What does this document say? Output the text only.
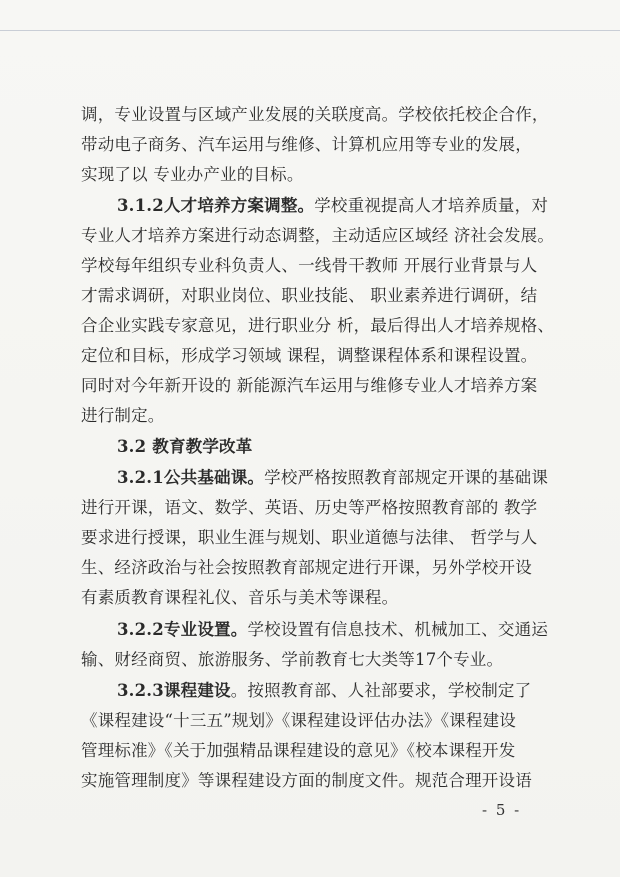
调，专业设置与区域产业发展的关联度高。学校依托校企合作，
带动电子商务、汽车运用与维修、计算机应用等专业的发展，
实现了以 专业办产业的目标。
3.1.2人才培养方案调整。学校重视提高人才培养质量，对
专业人才培养方案进行动态调整，主动适应区域经 济社会发展。
学校每年组织专业科负责人、一线骨干教师 开展行业背景与人
才需求调研，对职业岗位、职业技能、 职业素养进行调研，结
合企业实践专家意见，进行职业分 析，最后得出人才培养规格、
定位和目标，形成学习领域 课程，调整课程体系和课程设置。
同时对今年新开设的 新能源汽车运用与维修专业人才培养方案
进行制定。
3.2 教育教学改革
3.2.1公共基础课。学校严格按照教育部规定开课的基础课
进行开课，语文、数学、英语、历史等严格按照教育部的 教学
要求进行授课，职业生涯与规划、职业道德与法律、 哲学与人
生、经济政治与社会按照教育部规定进行开课，另外学校开设
有素质教育课程礼仪、音乐与美术等课程。
3.2.2专业设置。学校设置有信息技术、机械加工、交通运
输、财经商贸、旅游服务、学前教育七大类等17个专业。
3.2.3课程建设。按照教育部、人社部要求，学校制定了
《课程建设“十三五”规划》《课程建设评估办法》《课程建设
管理标准》《关于加强精品课程建设的意见》《校本课程开发
实施管理制度》等课程建设方面的制度文件。规范合理开设语
- 5 -
